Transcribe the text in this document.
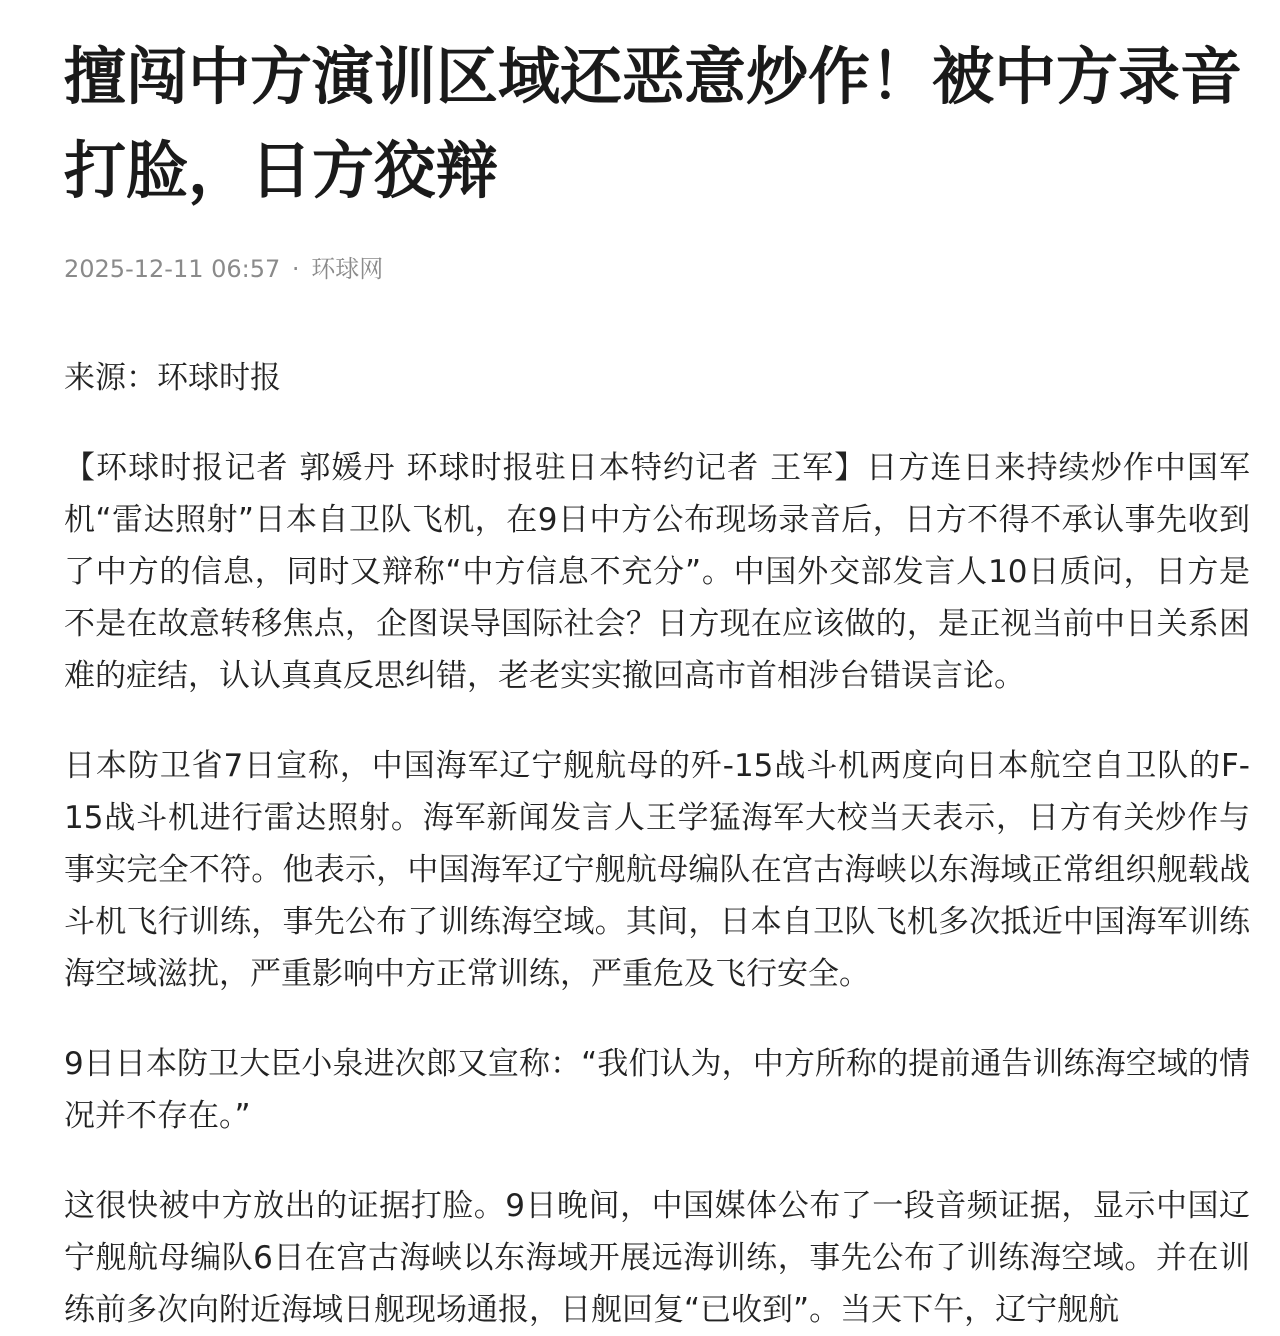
擅闯中方演训区域还恶意炒作！被中方录音打脸，日方狡辩
2025-12-11 06:57 · 环球网
来源：环球时报

【环球时报记者 郭媛丹 环球时报驻日本特约记者 王军】日方连日来持续炒作中国军机“雷达照射”日本自卫队飞机，在9日中方公布现场录音后，日方不得不承认事先收到了中方的信息，同时又辩称“中方信息不充分”。中国外交部发言人10日质问，日方是不是在故意转移焦点，企图误导国际社会？日方现在应该做的，是正视当前中日关系困难的症结，认认真真反思纠错，老老实实撤回高市首相涉台错误言论。

日本防卫省7日宣称，中国海军辽宁舰航母的歼-15战斗机两度向日本航空自卫队的F-15战斗机进行雷达照射。海军新闻发言人王学猛海军大校当天表示，日方有关炒作与事实完全不符。他表示，中国海军辽宁舰航母编队在宫古海峡以东海域正常组织舰载战斗机飞行训练，事先公布了训练海空域。其间，日本自卫队飞机多次抵近中国海军训练海空域滋扰，严重影响中方正常训练，严重危及飞行安全。

9日日本防卫大臣小泉进次郎又宣称：“我们认为，中方所称的提前通告训练海空域的情况并不存在。”

这很快被中方放出的证据打脸。9日晚间，中国媒体公布了一段音频证据，显示中国辽宁舰航母编队6日在宫古海峡以东海域开展远海训练，事先公布了训练海空域。并在训练前多次向附近海域日舰现场通报，日舰回复“已收到”。当天下午，辽宁舰航
